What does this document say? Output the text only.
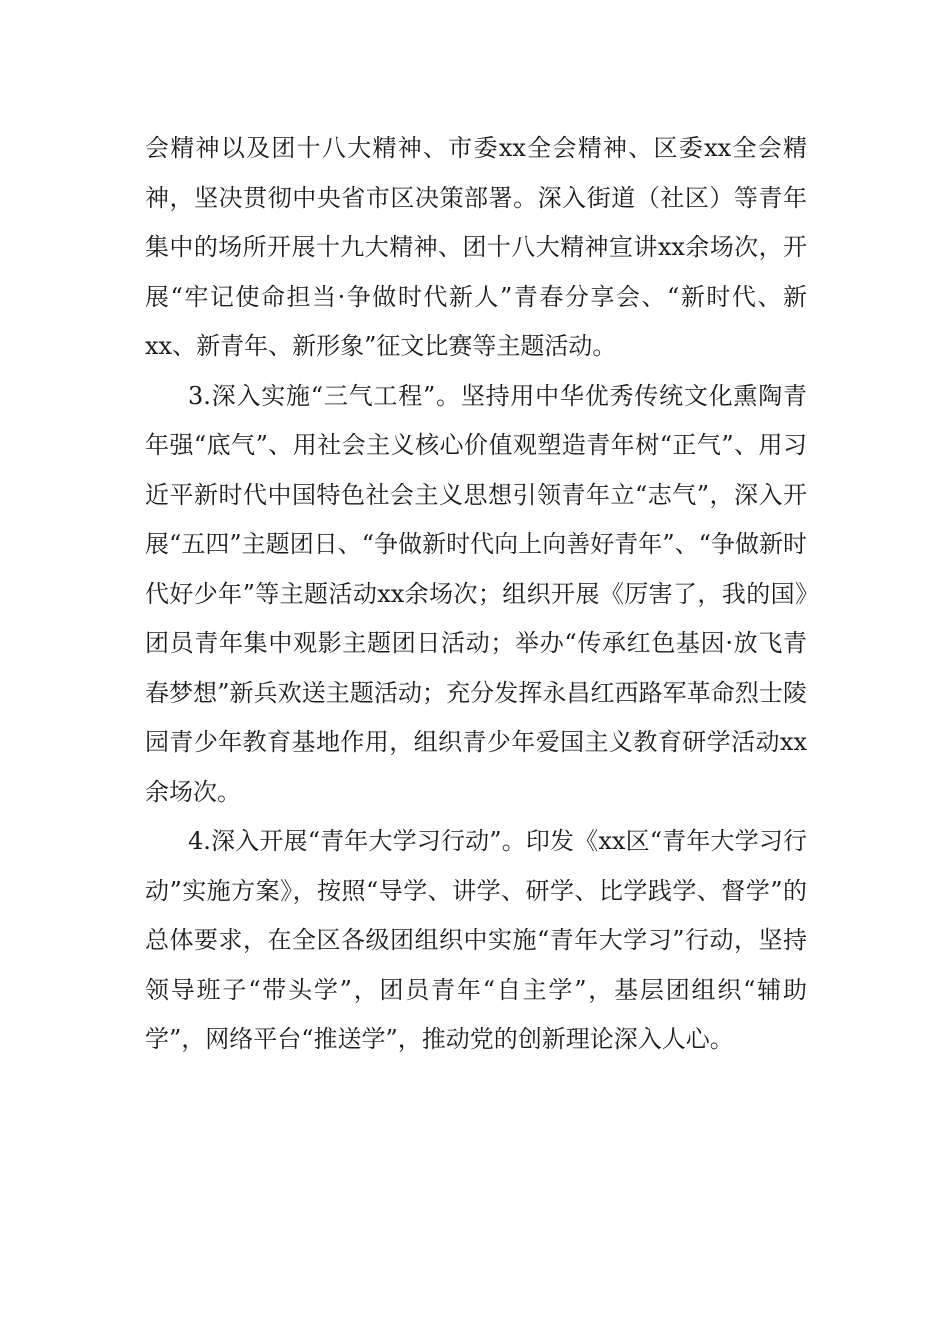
会精神以及团十八大精神、市委xx全会精神、区委xx全会精神，坚决贯彻中央省市区决策部署。深入街道（社区）等青年集中的场所开展十九大精神、团十八大精神宣讲xx余场次，开展“牢记使命担当·争做时代新人”青春分享会、“新时代、新xx、新青年、新形象”征文比赛等主题活动。

3.深入实施“三气工程”。坚持用中华优秀传统文化熏陶青年强“底气”、用社会主义核心价值观塑造青年树“正气”、用习近平新时代中国特色社会主义思想引领青年立“志气”，深入开展“五四”主题团日、“争做新时代向上向善好青年”、“争做新时代好少年”等主题活动xx余场次；组织开展《厉害了，我的国》团员青年集中观影主题团日活动；举办“传承红色基因·放飞青春梦想”新兵欢送主题活动；充分发挥永昌红西路军革命烈士陵园青少年教育基地作用，组织青少年爱国主义教育研学活动xx余场次。

4.深入开展“青年大学习行动”。印发《xx区“青年大学习行动”实施方案》，按照“导学、讲学、研学、比学践学、督学”的总体要求，在全区各级团组织中实施“青年大学习”行动，坚持领导班子“带头学”，团员青年“自主学”，基层团组织“辅助学”，网络平台“推送学”，推动党的创新理论深入人心。
